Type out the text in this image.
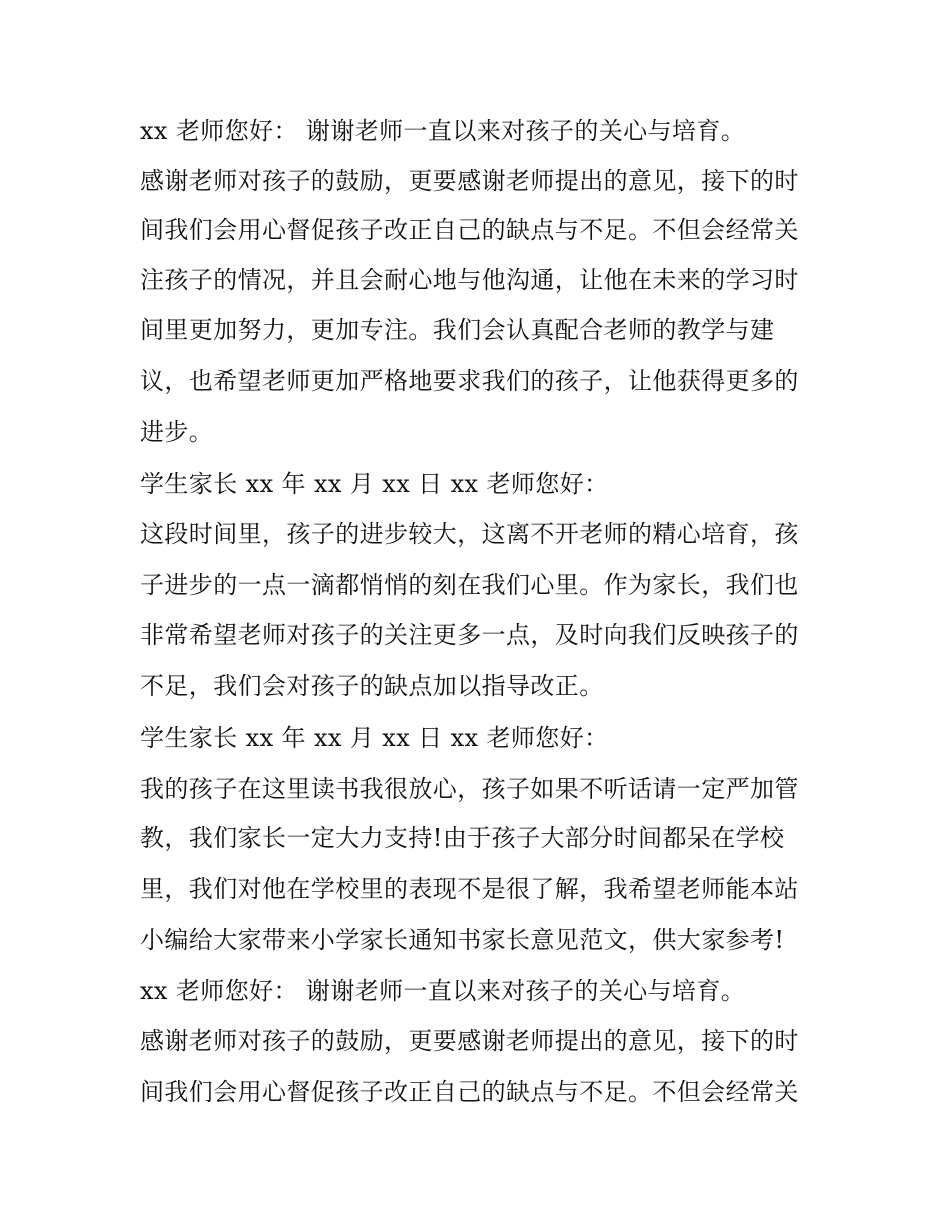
xx 老师您好： 谢谢老师一直以来对孩子的关心与培育。
感谢老师对孩子的鼓励，更要感谢老师提出的意见，接下的时
间我们会用心督促孩子改正自己的缺点与不足。不但会经常关
注孩子的情况，并且会耐心地与他沟通，让他在未来的学习时
间里更加努力，更加专注。我们会认真配合老师的教学与建
议，也希望老师更加严格地要求我们的孩子，让他获得更多的
进步。
学生家长 xx 年 xx 月 xx 日 xx 老师您好：
这段时间里，孩子的进步较大，这离不开老师的精心培育，孩
子进步的一点一滴都悄悄的刻在我们心里。作为家长，我们也
非常希望老师对孩子的关注更多一点，及时向我们反映孩子的
不足，我们会对孩子的缺点加以指导改正。
学生家长 xx 年 xx 月 xx 日 xx 老师您好：
我的孩子在这里读书我很放心，孩子如果不听话请一定严加管
教，我们家长一定大力支持!由于孩子大部分时间都呆在学校
里，我们对他在学校里的表现不是很了解，我希望老师能本站
小编给大家带来小学家长通知书家长意见范文，供大家参考!
xx 老师您好： 谢谢老师一直以来对孩子的关心与培育。
感谢老师对孩子的鼓励，更要感谢老师提出的意见，接下的时
间我们会用心督促孩子改正自己的缺点与不足。不但会经常关
